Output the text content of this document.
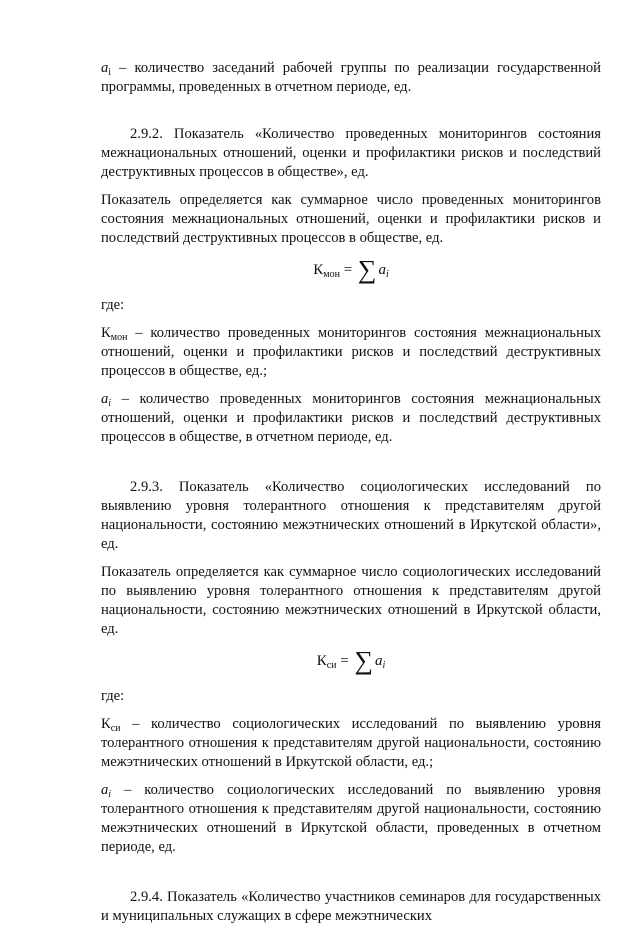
$a_i$ – количество заседаний рабочей группы по реализации государственной программы, проведенных в отчетном периоде, ед.

2.9.2. Показатель «Количество проведенных мониторингов состояния межнациональных отношений, оценки и профилактики рисков и последствий деструктивных процессов в обществе», ед.

Показатель определяется как суммарное число проведенных мониторингов состояния межнациональных отношений, оценки и профилактики рисков и последствий деструктивных процессов в обществе, ед.

$К_{мон}$ = ∑ $a_i$

где:

$К_{мон}$ – количество проведенных мониторингов состояния межнациональных отношений, оценки и профилактики рисков и последствий деструктивных процессов в обществе, ед.;

$a_i$ – количество проведенных мониторингов состояния межнациональных отношений, оценки и профилактики рисков и последствий деструктивных процессов в обществе, в отчетном периоде, ед.

2.9.3. Показатель «Количество социологических исследований по выявлению уровня толерантного отношения к представителям другой национальности, состоянию межэтнических отношений в Иркутской области», ед.

Показатель определяется как суммарное число социологических исследований по выявлению уровня толерантного отношения к представителям другой национальности, состоянию межэтнических отношений в Иркутской области, ед.

$К_{си}$ = ∑ $a_i$

где:

$К_{си}$ – количество социологических исследований по выявлению уровня толерантного отношения к представителям другой национальности, состоянию межэтнических отношений в Иркутской области, ед.;

$a_i$ – количество социологических исследований по выявлению уровня толерантного отношения к представителям другой национальности, состоянию межэтнических отношений в Иркутской области, проведенных в отчетном периоде, ед.

2.9.4. Показатель «Количество участников семинаров для государственных и муниципальных служащих в сфере межэтнических
